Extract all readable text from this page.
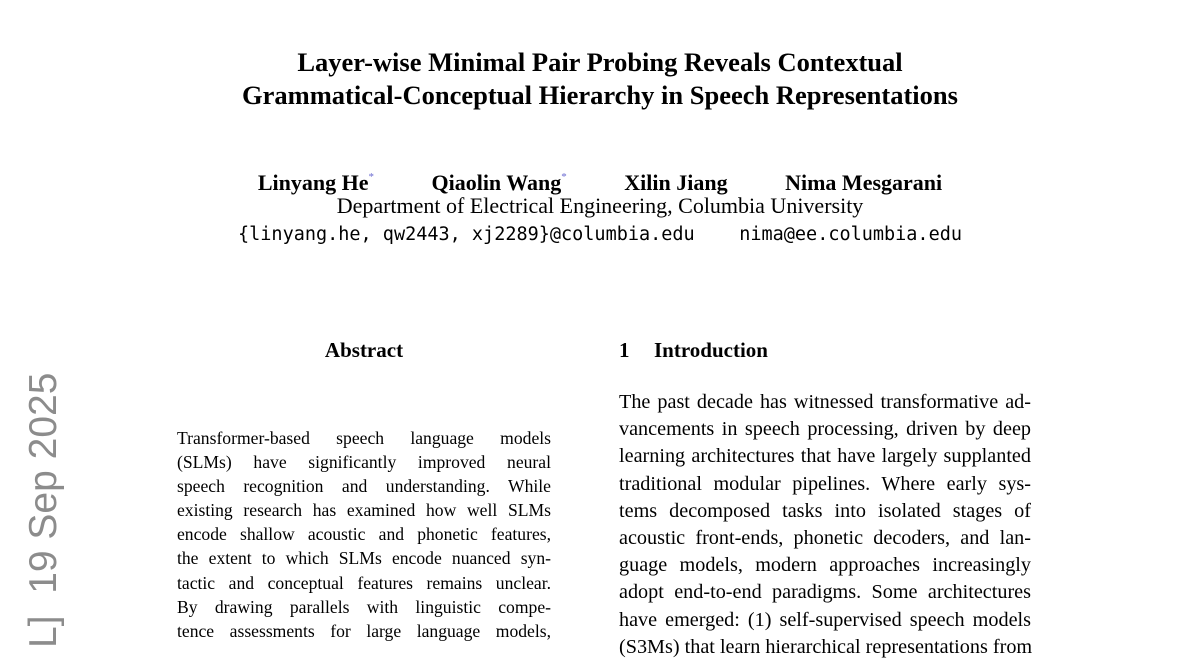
Layer-wise Minimal Pair Probing Reveals Contextual
Grammatical-Conceptual Hierarchy in Speech Representations
Linyang He*	Qiaolin Wang*	Xilin Jiang	Nima Mesgarani
Department of Electrical Engineering, Columbia University
{linyang.he, qw2443, xj2289}@columbia.edu    nima@ee.columbia.edu
Abstract
Transformer-based speech language models
(SLMs) have significantly improved neural
speech recognition and understanding. While
existing research has examined how well SLMs
encode shallow acoustic and phonetic features,
the extent to which SLMs encode nuanced syn-
tactic and conceptual features remains unclear.
By drawing parallels with linguistic compe-
tence assessments for large language models,
1 Introduction
The past decade has witnessed transformative ad-
vancements in speech processing, driven by deep
learning architectures that have largely supplanted
traditional modular pipelines. Where early sys-
tems decomposed tasks into isolated stages of
acoustic front-ends, phonetic decoders, and lan-
guage models, modern approaches increasingly
adopt end-to-end paradigms. Some architectures
have emerged: (1) self-supervised speech models
(S3Ms) that learn hierarchical representations from
L]  19 Sep 2025
